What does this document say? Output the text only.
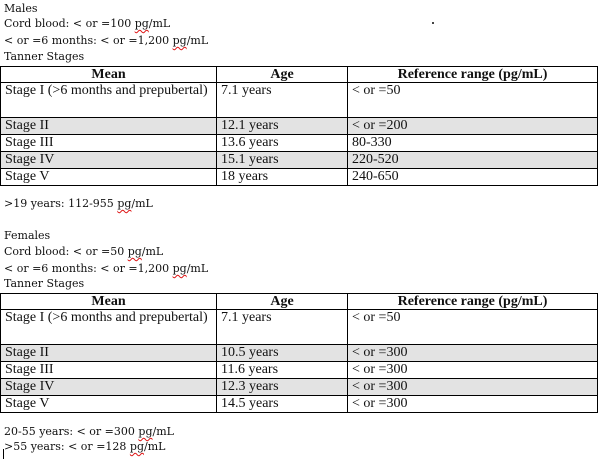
Males
Cord blood: < or =100 pg/mL
< or =6 months: < or =1,200 pg/mL
Tanner Stages
Mean	Age	Reference range (pg/mL)
Stage I (>6 months and prepubertal)	7.1 years	< or =50
Stage II	12.1 years	< or =200
Stage III	13.6 years	80-330
Stage IV	15.1 years	220-520
Stage V	18 years	240-650
>19 years: 112-955 pg/mL
Females
Cord blood: < or =50 pg/mL
< or =6 months: < or =1,200 pg/mL
Tanner Stages
Mean	Age	Reference range (pg/mL)
Stage I (>6 months and prepubertal)	7.1 years	< or =50
Stage II	10.5 years	< or =300
Stage III	11.6 years	< or =300
Stage IV	12.3 years	< or =300
Stage V	14.5 years	< or =300
20-55 years: < or =300 pg/mL
>55 years: < or =128 pg/mL
